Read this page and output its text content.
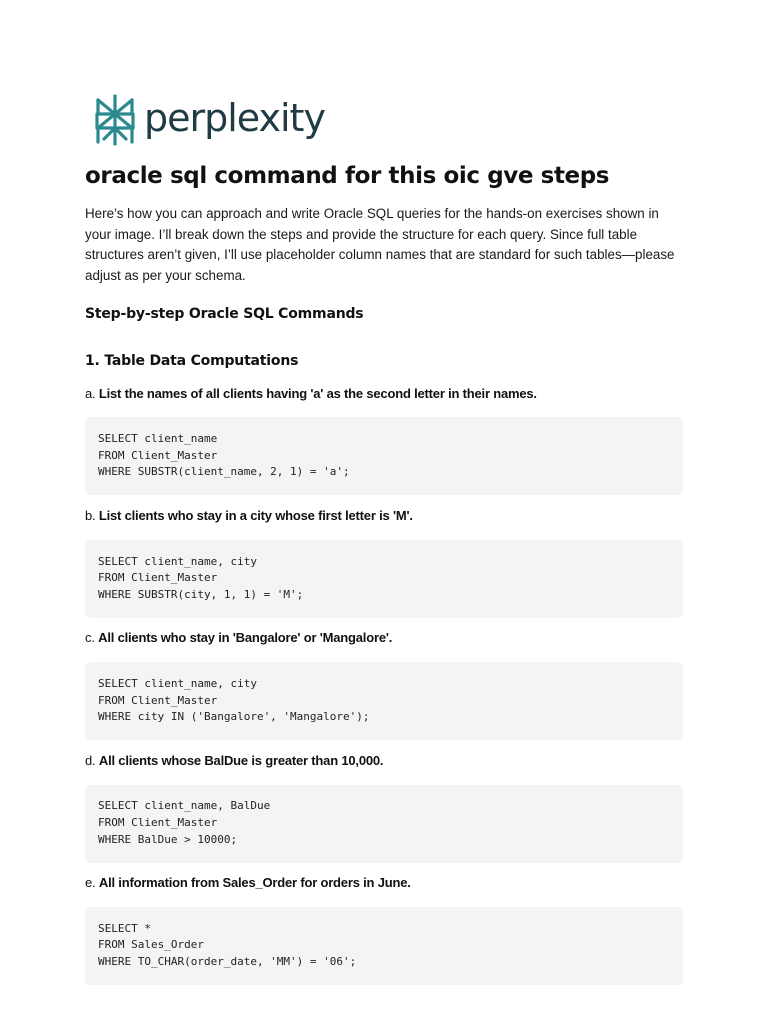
perplexity
oracle sql command for this oic gve steps

Here’s how you can approach and write Oracle SQL queries for the hands-on exercises shown in your image. I’ll break down the steps and provide the structure for each query. Since full table structures aren’t given, I’ll use placeholder column names that are standard for such tables—please adjust as per your schema.

Step-by-step Oracle SQL Commands
1. Table Data Computations

a. List the names of all clients having 'a' as the second letter in their names.

SELECT client_name
FROM Client_Master
WHERE SUBSTR(client_name, 2, 1) = 'a';

b. List clients who stay in a city whose first letter is 'M'.

SELECT client_name, city
FROM Client_Master
WHERE SUBSTR(city, 1, 1) = 'M';

c. All clients who stay in 'Bangalore' or 'Mangalore'.

SELECT client_name, city
FROM Client_Master
WHERE city IN ('Bangalore', 'Mangalore');

d. All clients whose BalDue is greater than 10,000.

SELECT client_name, BalDue
FROM Client_Master
WHERE BalDue > 10000;

e. All information from Sales_Order for orders in June.

SELECT *
FROM Sales_Order
WHERE TO_CHAR(order_date, 'MM') = '06';
